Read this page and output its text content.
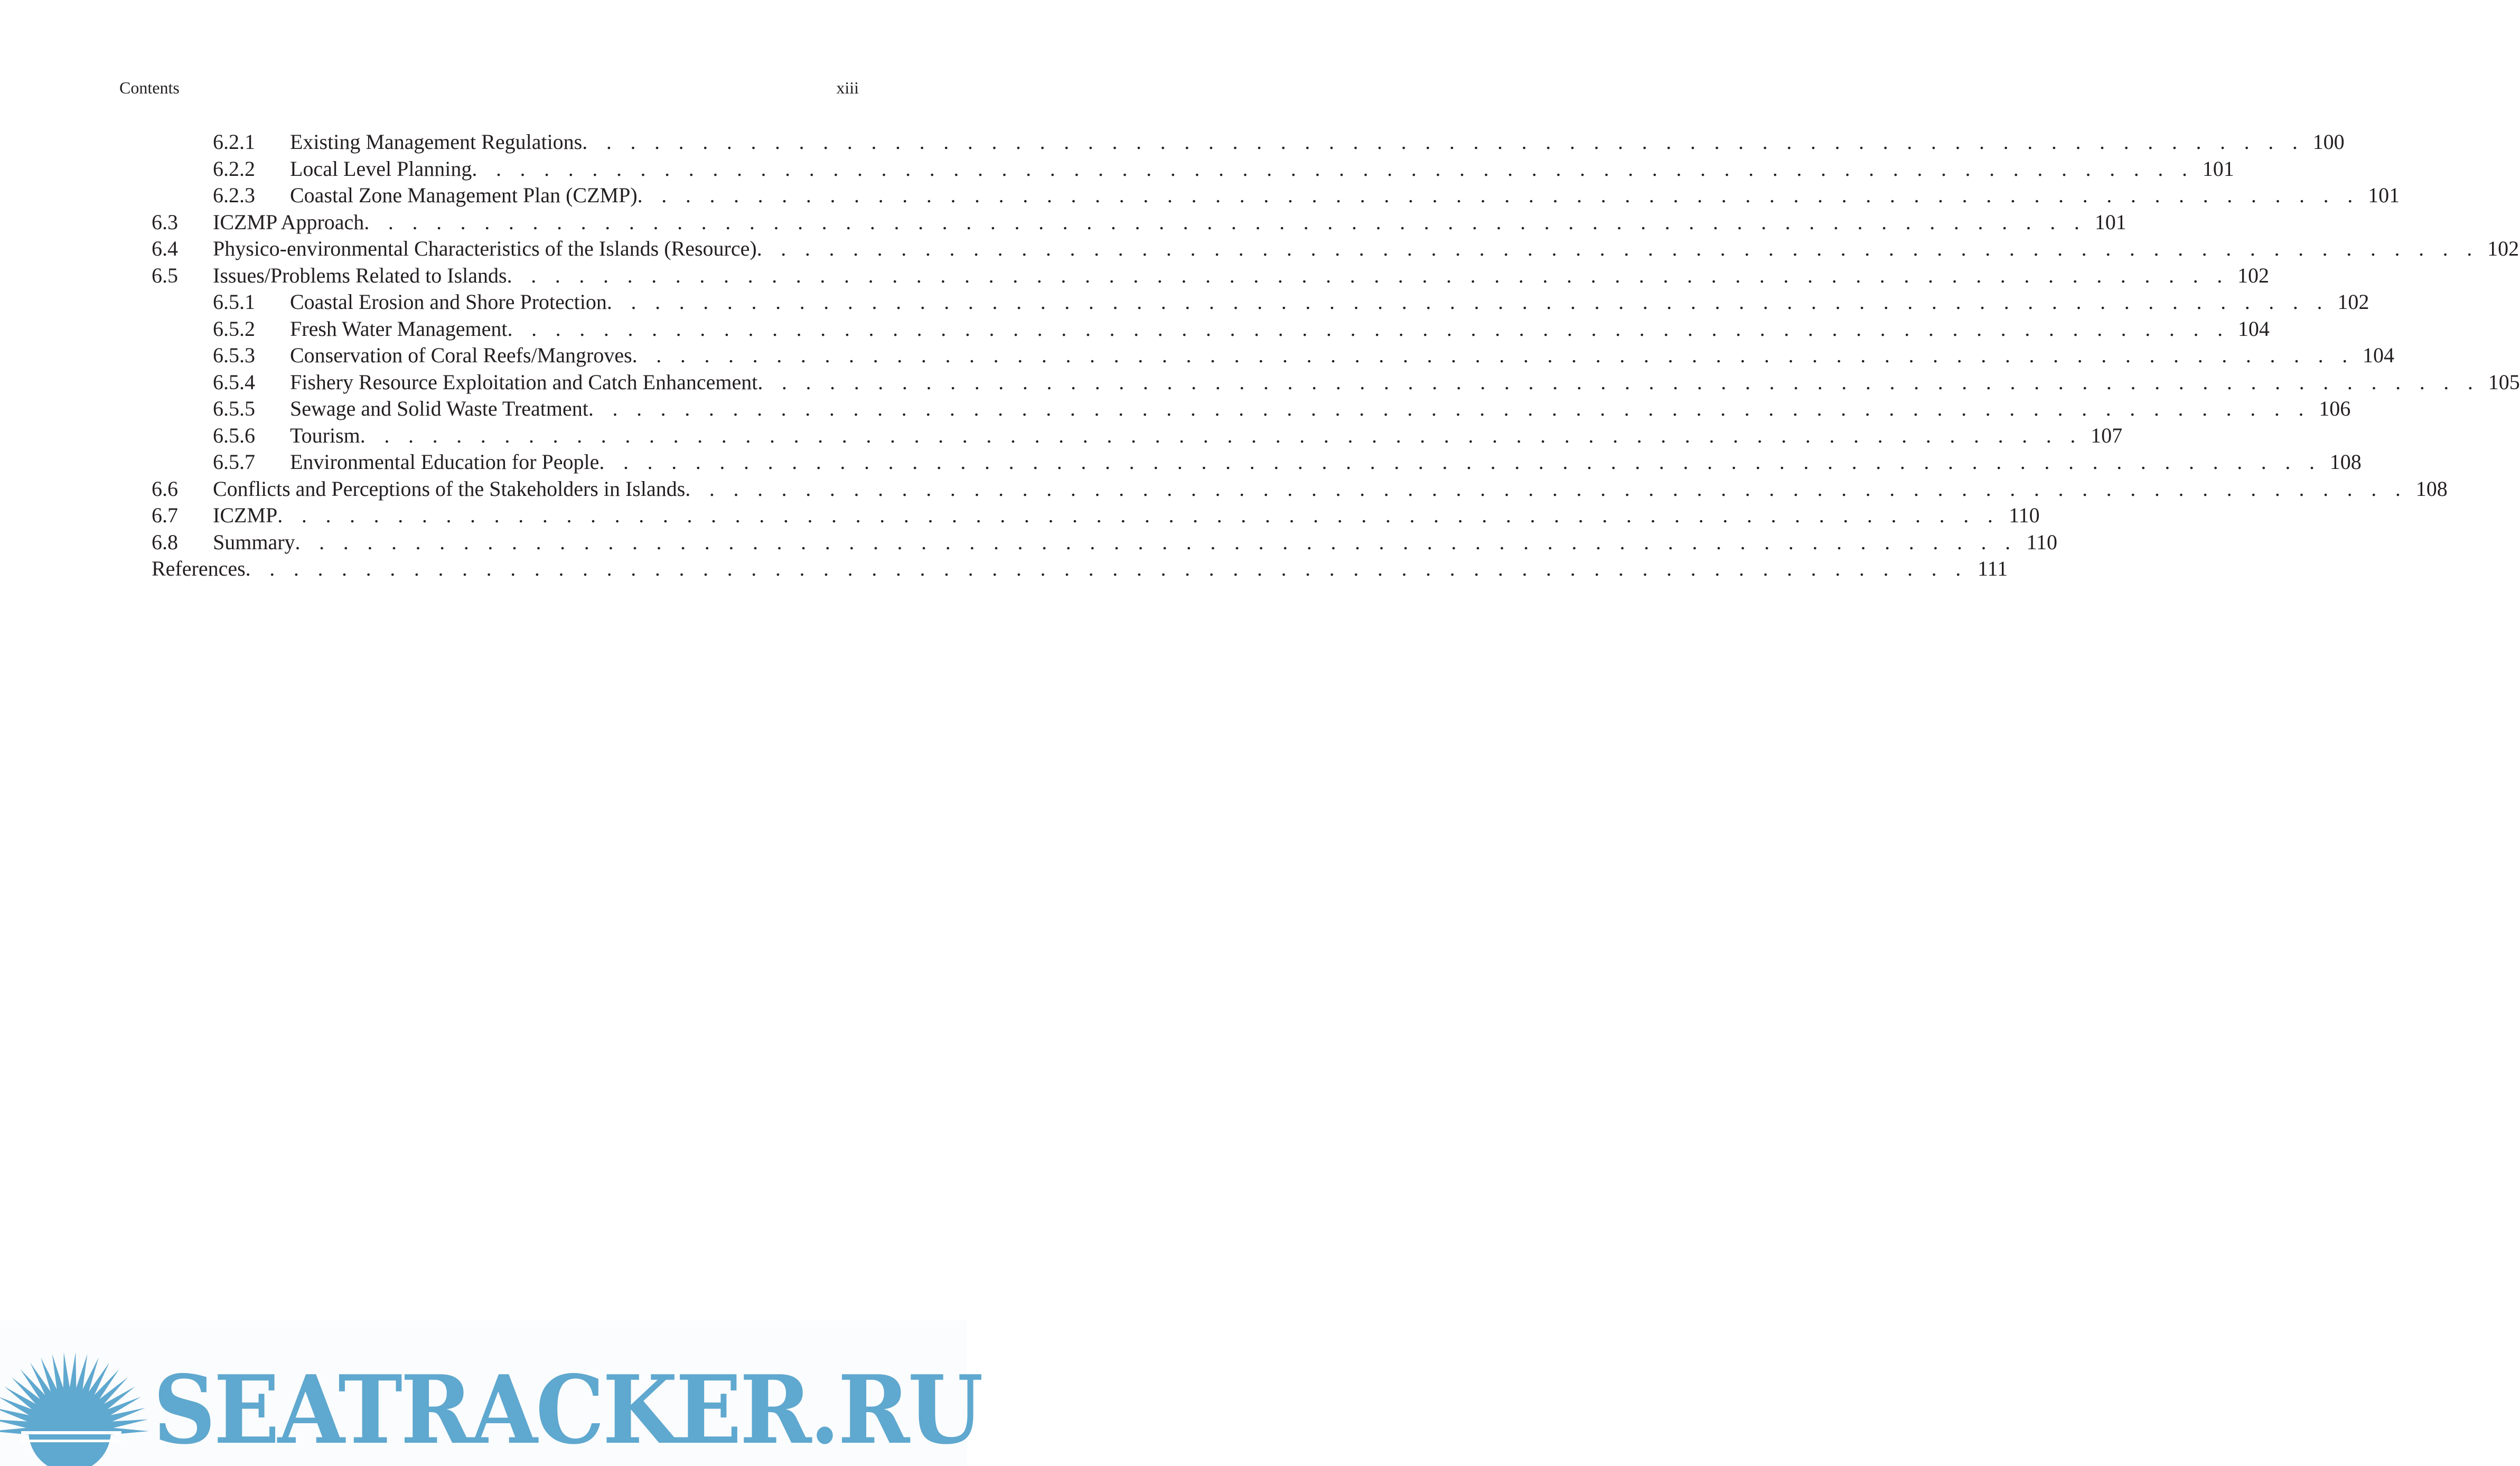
Contents	xiii
6.2.1	Existing Management Regulations . . .	100
6.2.2	Local Level Planning . . .	101
6.2.3	Coastal Zone Management Plan (CZMP) . . .	101
6.3	ICZMP Approach . . .	101
6.4	Physico-environmental Characteristics of the Islands (Resource) . . .	102
6.5	Issues/Problems Related to Islands . . .	102
6.5.1	Coastal Erosion and Shore Protection . . .	102
6.5.2	Fresh Water Management . . .	104
6.5.3	Conservation of Coral Reefs/Mangroves . . .	104
6.5.4	Fishery Resource Exploitation and Catch Enhancement . . .	105
6.5.5	Sewage and Solid Waste Treatment . . .	106
6.5.6	Tourism . . .	107
6.5.7	Environmental Education for People . . .	108
6.6	Conflicts and Perceptions of the Stakeholders in Islands . . .	108
6.7	ICZMP . . .	110
6.8	Summary . . .	110
References . . .	111
SEATRACKER.RU
